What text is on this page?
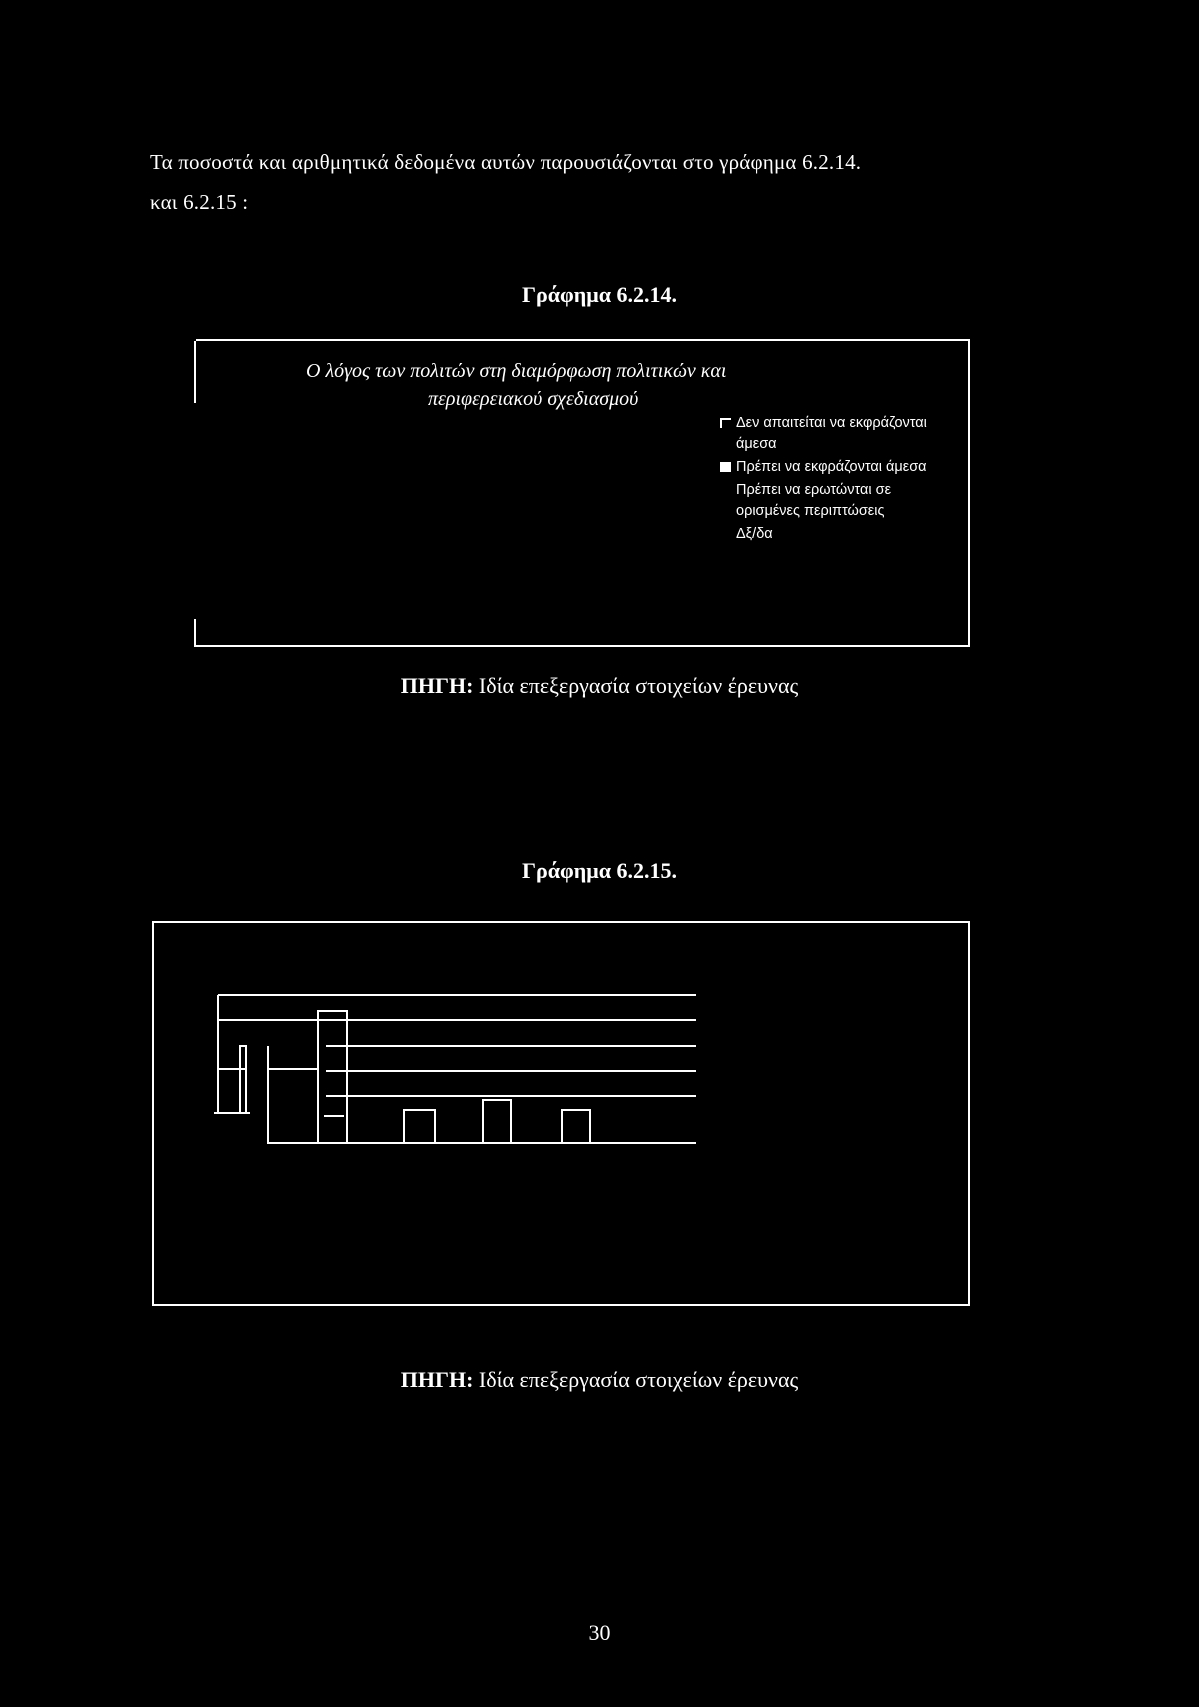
Τα ποσοστά και αριθμητικά δεδομένα αυτών παρουσιάζονται στο γράφημα 6.2.14.
και 6.2.15 :
Γράφημα 6.2.14.
Ο λόγος των πολιτών στη διαμόρφωση πολιτικών και
περιφερειακού σχεδιασμού
Δεν απαιτείται να εκφράζονται άμεσα
Πρέπει να εκφράζονται άμεσα
Πρέπει να ερωτώνται σε ορισμένες περιπτώσεις
Δξ/δα
ΠΗΓΗ: Ιδία επεξεργασία στοιχείων έρευνας
Γράφημα 6.2.15.
ΠΗΓΗ: Ιδία επεξεργασία στοιχείων έρευνας
30
